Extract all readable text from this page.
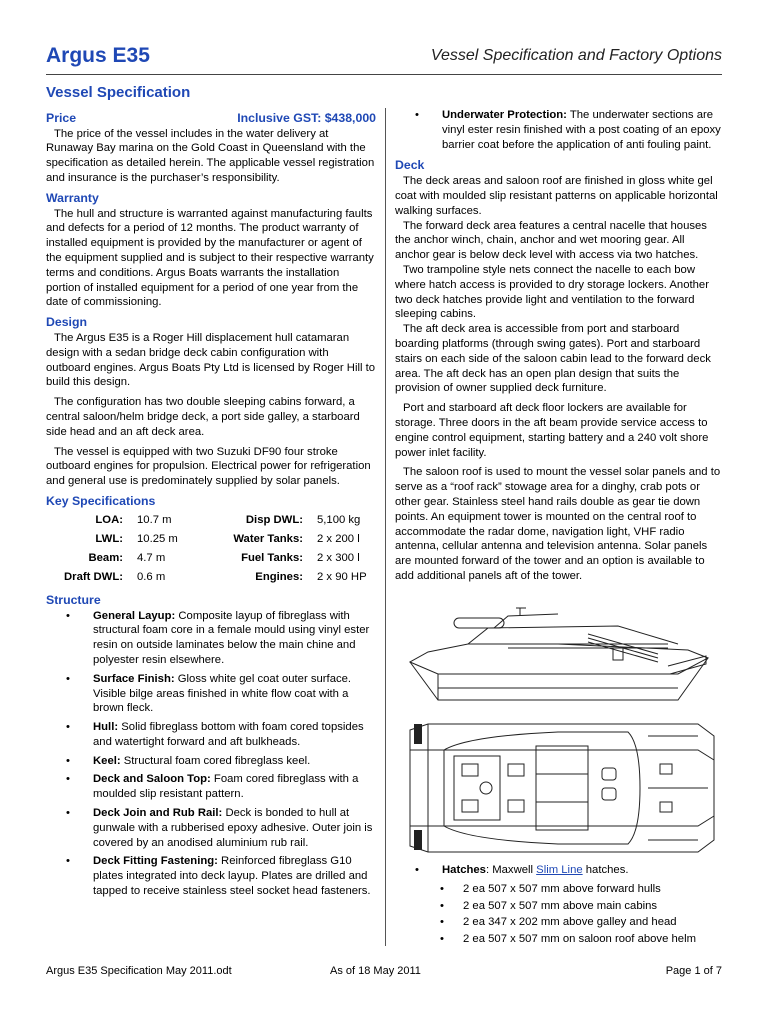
Argus E35	Vessel Specification and Factory Options
Vessel Specification
Price	Inclusive GST: $438,000

The price of the vessel includes in the water delivery at Runaway Bay marina on the Gold Coast in Queensland with the specification as detailed herein. The applicable vessel registration and insurance is the purchaser’s responsibility.

Warranty

The hull and structure is warranted against manufacturing faults and defects for a period of 12 months. The product warranty of installed equipment is provided by the manufacturer or agent of the equipment supplied and is subject to their respective warranty terms and conditions. Argus Boats warrants the installation portion of installed equipment for a period of one year from the date of commissioning.

Design

The Argus E35 is a Roger Hill displacement hull catamaran design with a sedan bridge deck cabin configuration with outboard engines. Argus Boats Pty Ltd is licensed by Roger Hill to build this design.

The configuration has two double sleeping cabins forward, a central saloon/helm bridge deck, a port side galley, a starboard side head and an aft deck area.

The vessel is equipped with two Suzuki DF90 four stroke outboard engines for propulsion. Electrical power for refrigeration and general use is predominately supplied by solar panels.

Key Specifications
LOA:	10.7 m	Disp DWL:	5,100 kg
LWL:	10.25 m	Water Tanks:	2 x 200 l
Beam:	4.7 m	Fuel Tanks:	2 x 300 l
Draft DWL:	0.6 m	Engines:	2 x 90 HP
Structure
• General Layup: Composite layup of fibreglass with structural foam core in a female mould using vinyl ester resin on outside laminates below the main chine and polyester resin elsewhere.
• Surface Finish: Gloss white gel coat outer surface. Visible bilge areas finished in white flow coat with a brown fleck.
• Hull: Solid fibreglass bottom with foam cored topsides and watertight forward and aft bulkheads.
• Keel: Structural foam cored fibreglass keel.
• Deck and Saloon Top: Foam cored fibreglass with a moulded slip resistant pattern.
• Deck Join and Rub Rail: Deck is bonded to hull at gunwale with a rubberised epoxy adhesive. Outer join is covered by an anodised aluminium rub rail.
• Deck Fitting Fastening: Reinforced fibreglass G10 plates integrated into deck layup. Plates are drilled and tapped to receive stainless steel socket head fasteners.
• Underwater Protection: The underwater sections are vinyl ester resin finished with a post coating of an epoxy barrier coat before the application of anti fouling paint.
Deck

The deck areas and saloon roof are finished in gloss white gel coat with moulded slip resistant patterns on applicable horizontal walking surfaces.

The forward deck area features a central nacelle that houses the anchor winch, chain, anchor and wet mooring gear. All anchor gear is below deck level with access via two hatches.

Two trampoline style nets connect the nacelle to each bow where hatch access is provided to dry storage lockers. Another two deck hatches provide light and ventilation to the forward sleeping cabins.

The aft deck area is accessible from port and starboard boarding platforms (through swing gates). Port and starboard stairs on each side of the saloon cabin lead to the forward deck area. The aft deck has an open plan design that suits the provision of owner supplied deck furniture.

Port and starboard aft deck floor lockers are available for storage. Three doors in the aft beam provide service access to engine control equipment, starting battery and a 240 volt shore power inlet facility.

The saloon roof is used to mount the vessel solar panels and to serve as a “roof rack” stowage area for a dinghy, crab pots or other gear. Stainless steel hand rails double as gear tie down points. An equipment tower is mounted on the central roof to accommodate the radar dome, navigation light, VHF radio antenna, cellular antenna and television antenna. Solar panels are mounted forward of the tower and an option is available to add additional panels aft of the tower.

• Hatches: Maxwell Slim Line hatches.
• 2 ea 507 x 507 mm above forward hulls
• 2 ea 507 x 507 mm above main cabins
• 2 ea 347 x 202 mm above galley and head
• 2 ea 507 x 507 mm on saloon roof above helm
Argus E35 Specification May 2011.odt	As of 18 May 2011	Page 1 of 7
